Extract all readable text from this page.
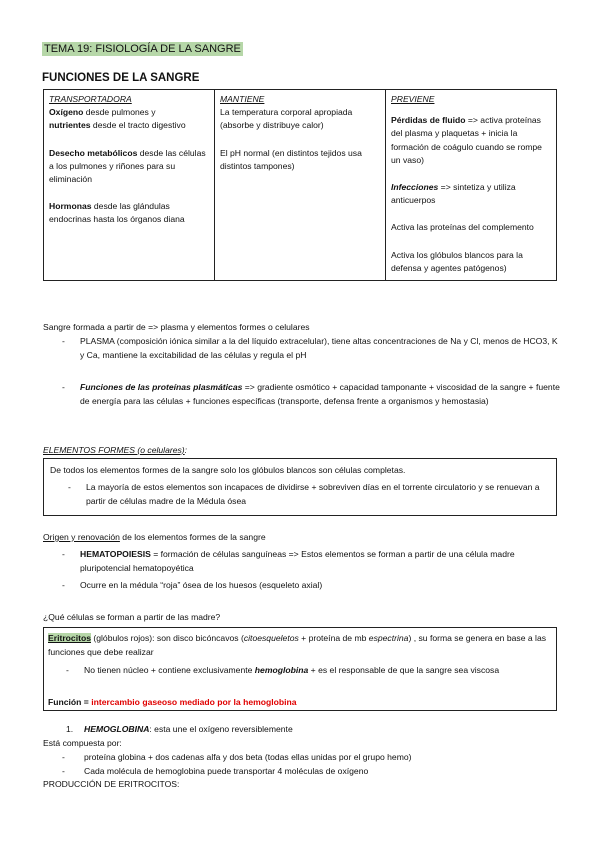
TEMA 19: FISIOLOGÍA DE LA SANGRE
FUNCIONES DE LA SANGRE
TRANSPORTADORA
Oxígeno desde pulmones y
nutrientes desde el tracto digestivo
Desecho metabólicos desde las células a los pulmones y riñones para su eliminación
Hormonas desde las glándulas endocrinas hasta los órganos diana

MANTIENE
La temperatura corporal apropiada (absorbe y distribuye calor)
El pH normal (en distintos tejidos usa distintos tampones)

PREVIENE
Pérdidas de fluido => activa proteínas del plasma y plaquetas + inicia la formación de coágulo cuando se rompe un vaso)
Infecciones => sintetiza y utiliza anticuerpos
Activa las proteínas del complemento
Activa los glóbulos blancos para la defensa y agentes patógenos)
Sangre formada a partir de => plasma y elementos formes o celulares
- PLASMA (composición iónica similar a la del líquido extracelular), tiene altas concentraciones de Na y Cl, menos de HCO3, K y Ca, mantiene la excitabilidad de las células y regula el pH
- Funciones de las proteínas plasmáticas => gradiente osmótico + capacidad tamponante + viscosidad de la sangre + fuente de energía para las células + funciones específicas (transporte, defensa frente a organismos y hemostasia)
ELEMENTOS FORMES (o celulares):
De todos los elementos formes de la sangre solo los glóbulos blancos son células completas.
- La mayoría de estos elementos son incapaces de dividirse + sobreviven días en el torrente circulatorio y se renuevan a partir de células madre de la Médula ósea
Origen y renovación de los elementos formes de la sangre
- HEMATOPOIESIS = formación de células sanguíneas => Estos elementos se forman a partir de una célula madre pluripotencial hematopoyética
- Ocurre en la médula “roja” ósea de los huesos (esqueleto axial)
¿Qué células se forman a partir de las madre?
Eritrocitos (glóbulos rojos): son disco bicóncavos (citoesqueletos + proteína de mb espectrina) , su forma se genera en base a las funciones que debe realizar
- No tienen núcleo + contiene exclusivamente hemoglobina + es el responsable de que la sangre sea viscosa
Función = intercambio gaseoso mediado por la hemoglobina
1. HEMOGLOBINA: esta une el oxígeno reversiblemente
Está compuesta por:
- proteína globina + dos cadenas alfa y dos beta (todas ellas unidas por el grupo hemo)
- Cada molécula de hemoglobina puede transportar 4 moléculas de oxígeno
PRODUCCIÓN DE ERITROCITOS:
